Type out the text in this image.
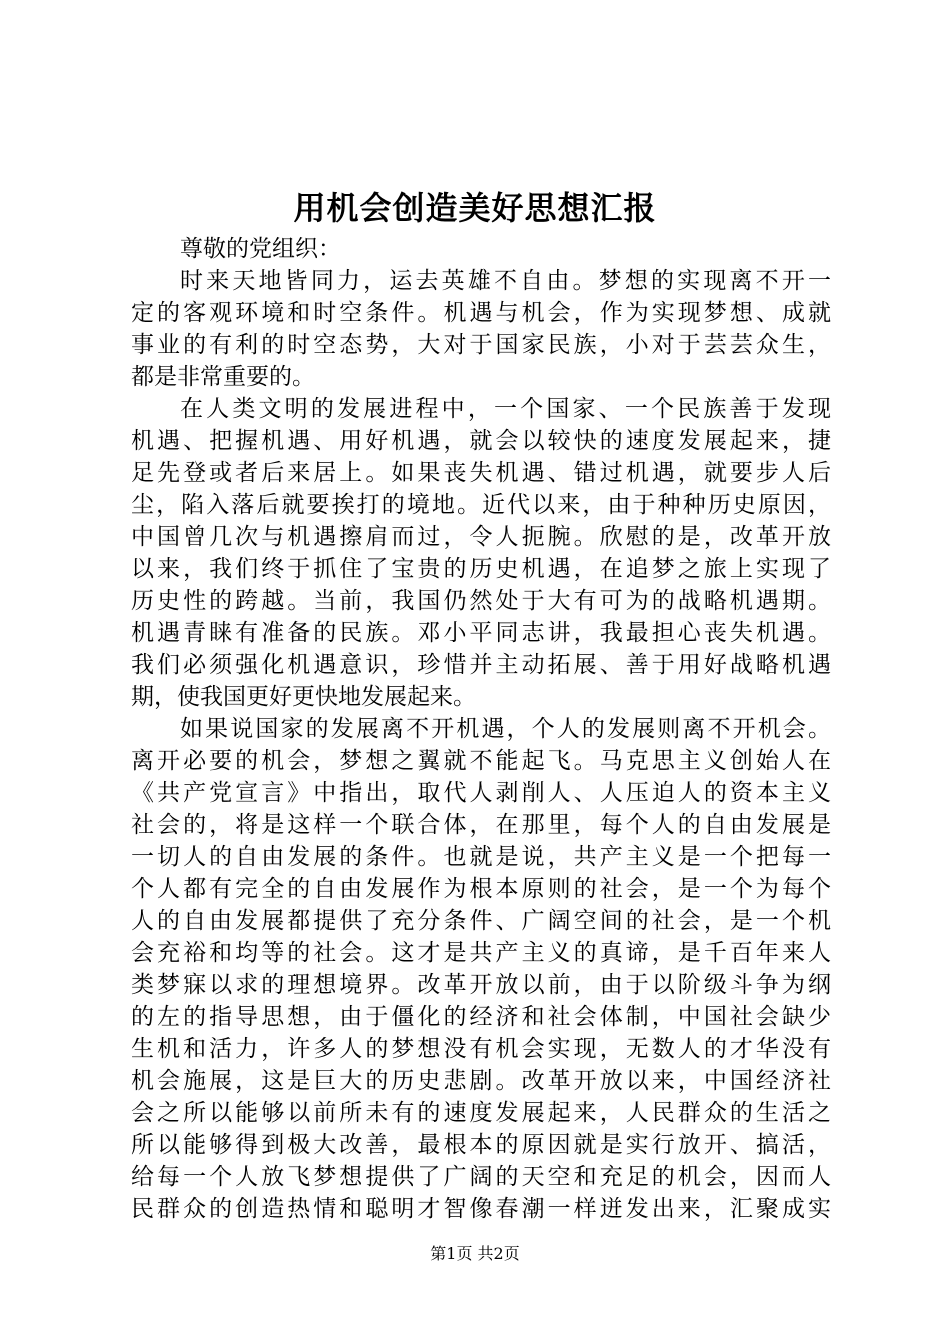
用机会创造美好思想汇报
尊敬的党组织：
时来天地皆同力，运去英雄不自由。梦想的实现离不开一
定的客观环境和时空条件。机遇与机会，作为实现梦想、成就
事业的有利的时空态势，大对于国家民族，小对于芸芸众生，
都是非常重要的。
在人类文明的发展进程中，一个国家、一个民族善于发现
机遇、把握机遇、用好机遇，就会以较快的速度发展起来，捷
足先登或者后来居上。如果丧失机遇、错过机遇，就要步人后
尘，陷入落后就要挨打的境地。近代以来，由于种种历史原因，
中国曾几次与机遇擦肩而过，令人扼腕。欣慰的是，改革开放
以来，我们终于抓住了宝贵的历史机遇，在追梦之旅上实现了
历史性的跨越。当前，我国仍然处于大有可为的战略机遇期。
机遇青睐有准备的民族。邓小平同志讲，我最担心丧失机遇。
我们必须强化机遇意识，珍惜并主动拓展、善于用好战略机遇
期，使我国更好更快地发展起来。
如果说国家的发展离不开机遇，个人的发展则离不开机会。
离开必要的机会，梦想之翼就不能起飞。马克思主义创始人在
《共产党宣言》中指出，取代人剥削人、人压迫人的资本主义
社会的，将是这样一个联合体，在那里，每个人的自由发展是
一切人的自由发展的条件。也就是说，共产主义是一个把每一
个人都有完全的自由发展作为根本原则的社会，是一个为每个
人的自由发展都提供了充分条件、广阔空间的社会，是一个机
会充裕和均等的社会。这才是共产主义的真谛，是千百年来人
类梦寐以求的理想境界。改革开放以前，由于以阶级斗争为纲
的左的指导思想，由于僵化的经济和社会体制，中国社会缺少
生机和活力，许多人的梦想没有机会实现，无数人的才华没有
机会施展，这是巨大的历史悲剧。改革开放以来，中国经济社
会之所以能够以前所未有的速度发展起来，人民群众的生活之
所以能够得到极大改善，最根本的原因就是实行放开、搞活，
给每一个人放飞梦想提供了广阔的天空和充足的机会，因而人
民群众的创造热情和聪明才智像春潮一样迸发出来，汇聚成实
第1页 共2页
